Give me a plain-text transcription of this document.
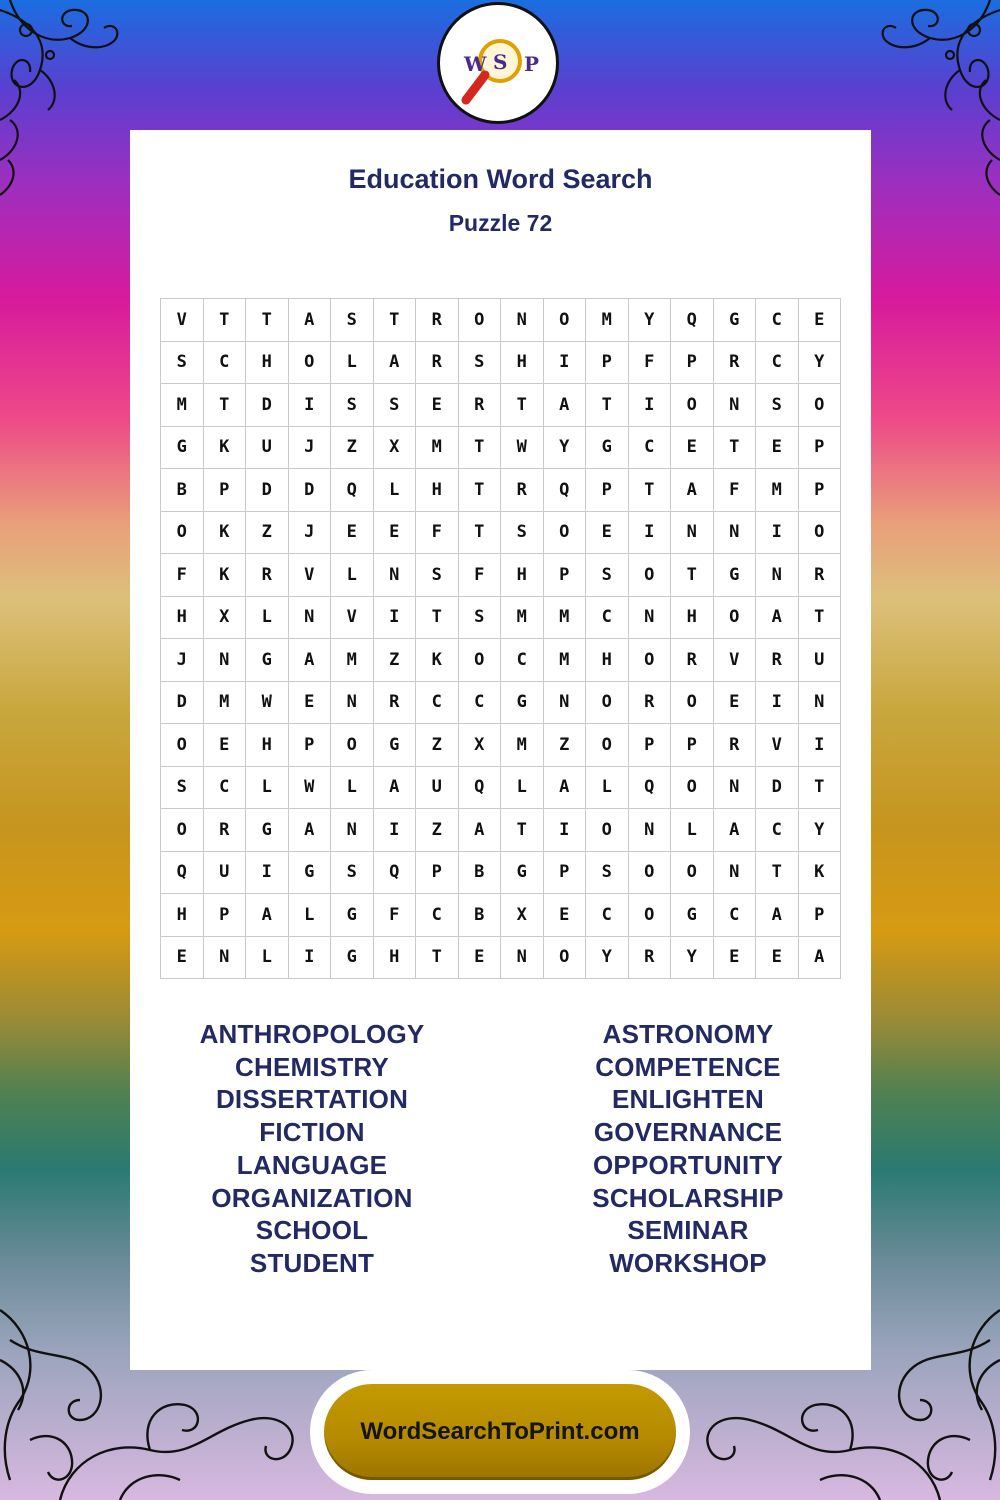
W S P
Education Word Search
Puzzle 72
V	T	T	A	S	T	R	O	N	O	M	Y	Q	G	C	E
S	C	H	O	L	A	R	S	H	I	P	F	P	R	C	Y
M	T	D	I	S	S	E	R	T	A	T	I	O	N	S	O
G	K	U	J	Z	X	M	T	W	Y	G	C	E	T	E	P
B	P	D	D	Q	L	H	T	R	Q	P	T	A	F	M	P
O	K	Z	J	E	E	F	T	S	O	E	I	N	N	I	O
F	K	R	V	L	N	S	F	H	P	S	O	T	G	N	R
H	X	L	N	V	I	T	S	M	M	C	N	H	O	A	T
J	N	G	A	M	Z	K	O	C	M	H	O	R	V	R	U
D	M	W	E	N	R	C	C	G	N	O	R	O	E	I	N
O	E	H	P	O	G	Z	X	M	Z	O	P	P	R	V	I
S	C	L	W	L	A	U	Q	L	A	L	Q	O	N	D	T
O	R	G	A	N	I	Z	A	T	I	O	N	L	A	C	Y
Q	U	I	G	S	Q	P	B	G	P	S	O	O	N	T	K
H	P	A	L	G	F	C	B	X	E	C	O	G	C	A	P
E	N	L	I	G	H	T	E	N	O	Y	R	Y	E	E	A
ANTHROPOLOGY
CHEMISTRY
DISSERTATION
FICTION
LANGUAGE
ORGANIZATION
SCHOOL
STUDENT
ASTRONOMY
COMPETENCE
ENLIGHTEN
GOVERNANCE
OPPORTUNITY
SCHOLARSHIP
SEMINAR
WORKSHOP
WordSearchToPrint.com
